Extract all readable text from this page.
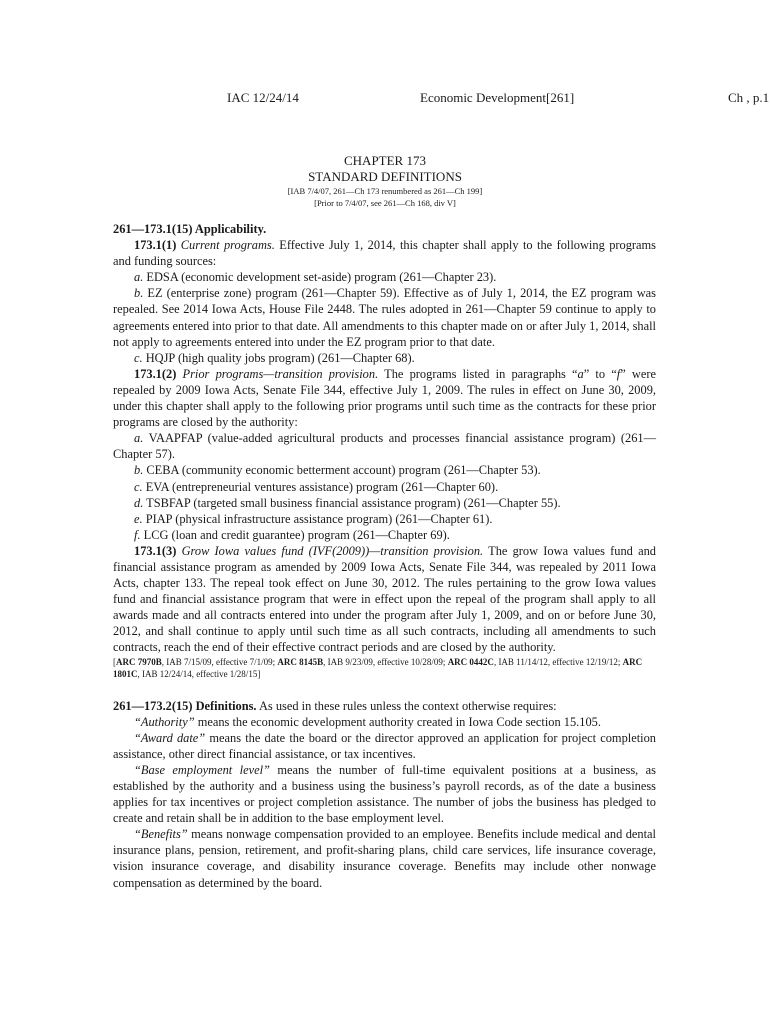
IAC 12/24/14	Economic Development[261]	Ch , p.1
CHAPTER 173
STANDARD DEFINITIONS
[IAB 7/4/07, 261—Ch 173 renumbered as 261—Ch 199]
[Prior to 7/4/07, see 261—Ch 168, div V]

261—173.1(15) Applicability.

173.1(1) Current programs. Effective July 1, 2014, this chapter shall apply to the following programs and funding sources:

a. EDSA (economic development set-aside) program (261—Chapter 23).

b. EZ (enterprise zone) program (261—Chapter 59). Effective as of July 1, 2014, the EZ program was repealed. See 2014 Iowa Acts, House File 2448. The rules adopted in 261—Chapter 59 continue to apply to agreements entered into prior to that date. All amendments to this chapter made on or after July 1, 2014, shall not apply to agreements entered into under the EZ program prior to that date.

c. HQJP (high quality jobs program) (261—Chapter 68).

173.1(2) Prior programs—transition provision. The programs listed in paragraphs “a” to “f” were repealed by 2009 Iowa Acts, Senate File 344, effective July 1, 2009. The rules in effect on June 30, 2009, under this chapter shall apply to the following prior programs until such time as the contracts for these prior programs are closed by the authority:

a. VAAPFAP (value-added agricultural products and processes financial assistance program) (261—Chapter 57).

b. CEBA (community economic betterment account) program (261—Chapter 53).

c. EVA (entrepreneurial ventures assistance) program (261—Chapter 60).

d. TSBFAP (targeted small business financial assistance program) (261—Chapter 55).

e. PIAP (physical infrastructure assistance program) (261—Chapter 61).

f. LCG (loan and credit guarantee) program (261—Chapter 69).

173.1(3) Grow Iowa values fund (IVF(2009))—transition provision. The grow Iowa values fund and financial assistance program as amended by 2009 Iowa Acts, Senate File 344, was repealed by 2011 Iowa Acts, chapter 133. The repeal took effect on June 30, 2012. The rules pertaining to the grow Iowa values fund and financial assistance program that were in effect upon the repeal of the program shall apply to all awards made and all contracts entered into under the program after July 1, 2009, and on or before June 30, 2012, and shall continue to apply until such time as all such contracts, including all amendments to such contracts, reach the end of their effective contract periods and are closed by the authority.

[ARC 7970B, IAB 7/15/09, effective 7/1/09; ARC 8145B, IAB 9/23/09, effective 10/28/09; ARC 0442C, IAB 11/14/12, effective 12/19/12; ARC 1801C, IAB 12/24/14, effective 1/28/15]

261—173.2(15) Definitions. As used in these rules unless the context otherwise requires:

“Authority” means the economic development authority created in Iowa Code section 15.105.

“Award date” means the date the board or the director approved an application for project completion assistance, other direct financial assistance, or tax incentives.

“Base employment level” means the number of full-time equivalent positions at a business, as established by the authority and a business using the business’s payroll records, as of the date a business applies for tax incentives or project completion assistance. The number of jobs the business has pledged to create and retain shall be in addition to the base employment level.

“Benefits” means nonwage compensation provided to an employee. Benefits include medical and dental insurance plans, pension, retirement, and profit-sharing plans, child care services, life insurance coverage, vision insurance coverage, and disability insurance coverage. Benefits may include other nonwage compensation as determined by the board.
